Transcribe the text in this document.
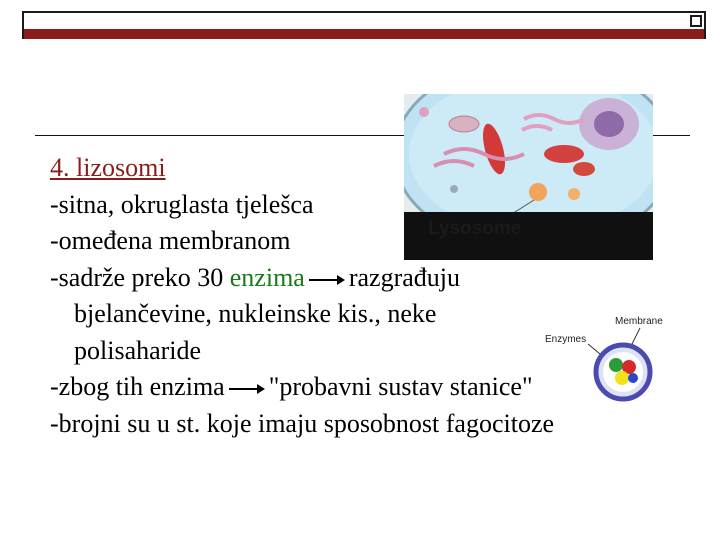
Lysosome
4. lizosomi
-sitna, okruglasta tjelešca
-omeđena membranom
-sadrže preko 30 enzima razgrađuju
bjelančevine, nukleinske kis., neke
polisaharide
-zbog tih enzima "probavni sustav stanice"
-brojni su u st. koje imaju sposobnost fagocitoze
Membrane
Enzymes
